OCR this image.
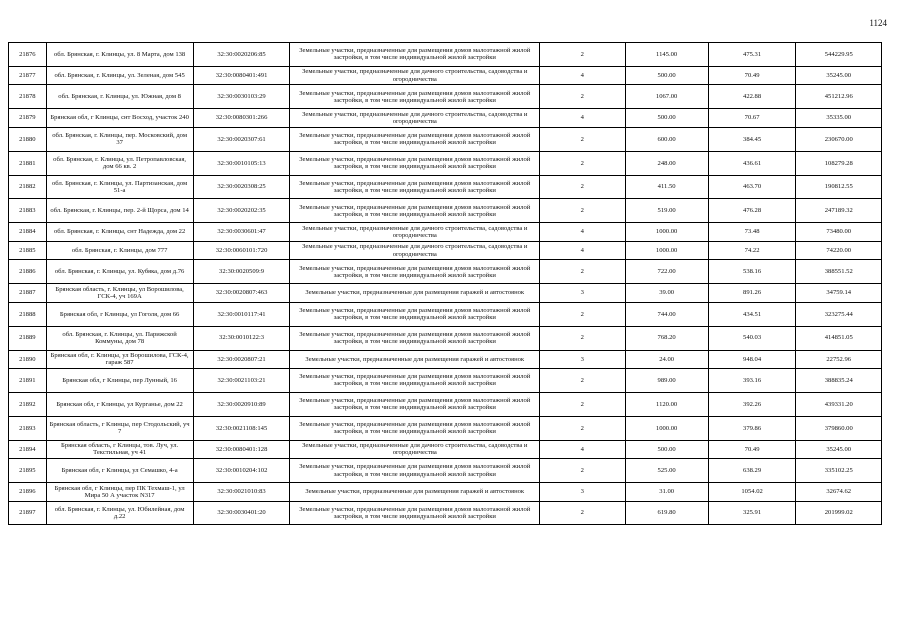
1124
21876	обл. Брянская, г. Клинцы, ул. 8 Марта, дом 138	32:30:0020206:85	Земельные участки, предназначенные для размещения домов малоэтажной жилой застройки, в том числе индивидуальной жилой застройки	2	1145.00	475.31	544229.95
21877	обл. Брянская, г. Клинцы, ул. Зеленая, дом 545	32:30:0080401:491	Земельные участки, предназначенные для дачного строительства, садоводства и огородничества	4	500.00	70.49	35245.00
21878	обл. Брянская, г. Клинцы, ул. Южная, дом 8	32:30:0030103:29	Земельные участки, предназначенные для размещения домов малоэтажной жилой застройки, в том числе индивидуальной жилой застройки	2	1067.00	422.88	451212.96
21879	Брянская обл, г Клинцы, снт Восход, участок 240	32:30:0080301:266	Земельные участки, предназначенные для дачного строительства, садоводства и огородничества	4	500.00	70.67	35335.00
21880	обл. Брянская, г. Клинцы, пер. Московский, дом 37	32:30:0020307:61	Земельные участки, предназначенные для размещения домов малоэтажной жилой застройки, в том числе индивидуальной жилой застройки	2	600.00	384.45	230670.00
21881	обл. Брянская, г. Клинцы, ул. Петропавловская, дом 66 кв. 2	32:30:0010105:13	Земельные участки, предназначенные для размещения домов малоэтажной жилой застройки, в том числе индивидуальной жилой застройки	2	248.00	436.61	108279.28
21882	обл. Брянская, г. Клинцы, ул. Партизанская, дом 51-а	32:30:0020308:25	Земельные участки, предназначенные для размещения домов малоэтажной жилой застройки, в том числе индивидуальной жилой застройки	2	411.50	463.70	190812.55
21883	обл. Брянская, г. Клинцы, пер. 2-й Щорса, дом 14	32:30:0020202:35	Земельные участки, предназначенные для размещения домов малоэтажной жилой застройки, в том числе индивидуальной жилой застройки	2	519.00	476.28	247189.32
21884	обл. Брянская, г. Клинцы, снт Надежда, дом 22	32:30:0030601:47	Земельные участки, предназначенные для дачного строительства, садоводства и огородничества	4	1000.00	73.48	73480.00
21885	обл. Брянская, г. Клинцы, дом 777	32:30:0060101:720	Земельные участки, предназначенные для дачного строительства, садоводства и огородничества	4	1000.00	74.22	74220.00
21886	обл. Брянская, г. Клинцы, ул. Кубяка, дом д.76	32:30:0020509:9	Земельные участки, предназначенные для размещения домов малоэтажной жилой застройки, в том числе индивидуальной жилой застройки	2	722.00	538.16	388551.52
21887	Брянская область, г. Клинцы, ул Ворошилова, ГСК-4, уч 169А	32:30:0020807:463	Земельные участки, предназначенные для размещения гаражей и автостоянок	3	39.00	891.26	34759.14
21888	Брянская обл, г Клинцы, ул Гоголя, дом 66	32:30:0010117:41	Земельные участки, предназначенные для размещения домов малоэтажной жилой застройки, в том числе индивидуальной жилой застройки	2	744.00	434.51	323275.44
21889	обл. Брянская, г. Клинцы, ул. Парижской Коммуны, дом 78	32:30:0010122:3	Земельные участки, предназначенные для размещения домов малоэтажной жилой застройки, в том числе индивидуальной жилой застройки	2	768.20	540.03	414851.05
21890	Брянская обл, г. Клинцы, ул Ворошилова, ГСК-4, гараж 587	32:30:0020807:21	Земельные участки, предназначенные для размещения гаражей и автостоянок	3	24.00	948.04	22752.96
21891	Брянская обл, г Клинцы, пер Лунный, 16	32:30:0021103:21	Земельные участки, предназначенные для размещения домов малоэтажной жилой застройки, в том числе индивидуальной жилой застройки	2	989.00	393.16	388835.24
21892	Брянская обл, г Клинцы, ул Курганье, дом 22	32:30:0020910:89	Земельные участки, предназначенные для размещения домов малоэтажной жилой застройки, в том числе индивидуальной жилой застройки	2	1120.00	392.26	439331.20
21893	Брянская область, г Клинцы, пер Стодольский, уч 7	32:30:0021108:145	Земельные участки, предназначенные для размещения домов малоэтажной жилой застройки, в том числе индивидуальной жилой застройки	2	1000.00	379.86	379860.00
21894	Брянская область, г Клинцы, тов. Луч, ул. Текстильная, уч 41	32:30:0080401:128	Земельные участки, предназначенные для дачного строительства, садоводства и огородничества	4	500.00	70.49	35245.00
21895	Брянская обл, г Клинцы, ул Семашко, 4-а	32:30:0010204:102	Земельные участки, предназначенные для размещения домов малоэтажной жилой застройки, в том числе индивидуальной жилой застройки	2	525.00	638.29	335102.25
21896	Брянская обл, г Клинцы, пер ПК Техмаш-1, ул Мира 50 А участок N317	32:30:0021010:83	Земельные участки, предназначенные для размещения гаражей и автостоянок	3	31.00	1054.02	32674.62
21897	обл. Брянская, г. Клинцы, ул. Юбилейная, дом д.22	32:30:0030401:20	Земельные участки, предназначенные для размещения домов малоэтажной жилой застройки, в том числе индивидуальной жилой застройки	2	619.80	325.91	201999.02
